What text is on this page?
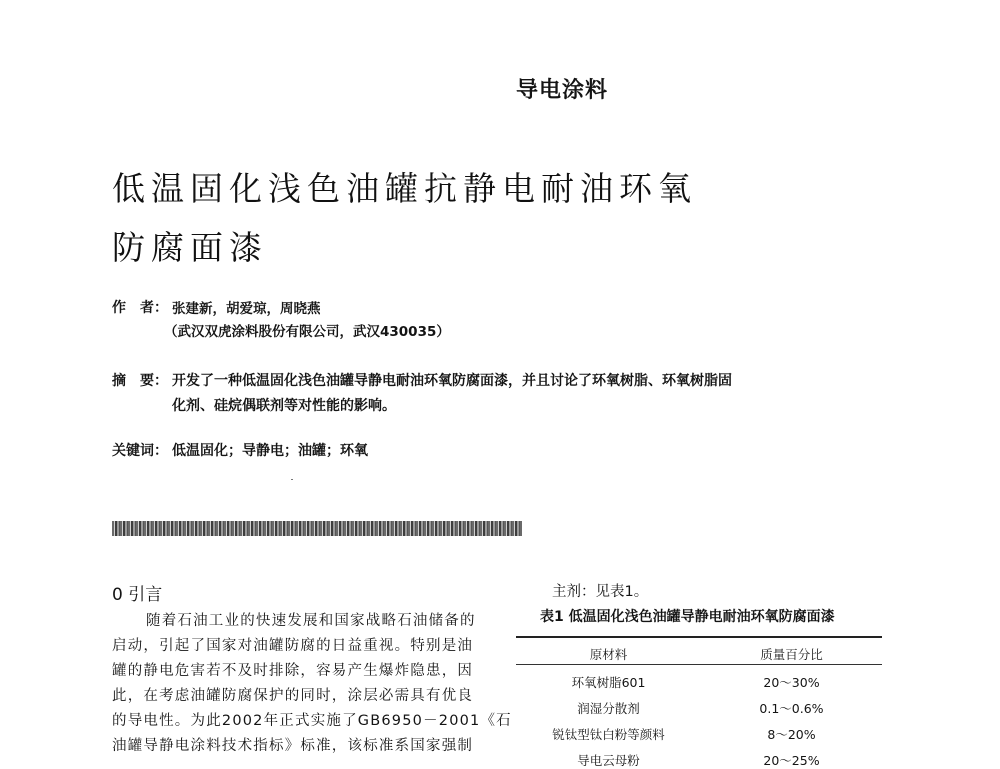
导电涂料
低温固化浅色油罐抗静电耐油环氧
防腐面漆
作　者： 张建新，胡爱琼，周晓燕
（武汉双虎涂料股份有限公司，武汉430035）
摘　要： 开发了一种低温固化浅色油罐导静电耐油环氧防腐面漆，并且讨论了环氧树脂、环氧树脂固
化剂、硅烷偶联剂等对性能的影响。
关键词： 低温固化；导静电；油罐；环氧
0 引言
随着石油工业的快速发展和国家战略石油储备的
启动，引起了国家对油罐防腐的日益重视。特别是油
罐的静电危害若不及时排除，容易产生爆炸隐患，因
此，在考虑油罐防腐保护的同时，涂层必需具有优良
的导电性。为此2002年正式实施了GB6950－2001《石
油罐导静电涂料技术指标》标准，该标准系国家强制
主剂：见表1。
表1 低温固化浅色油罐导静电耐油环氧防腐面漆
原材料	质量百分比
环氧树脂601	20～30%
润湿分散剂	0.1～0.6%
锐钛型钛白粉等颜料	8～20%
导电云母粉	20～25%
